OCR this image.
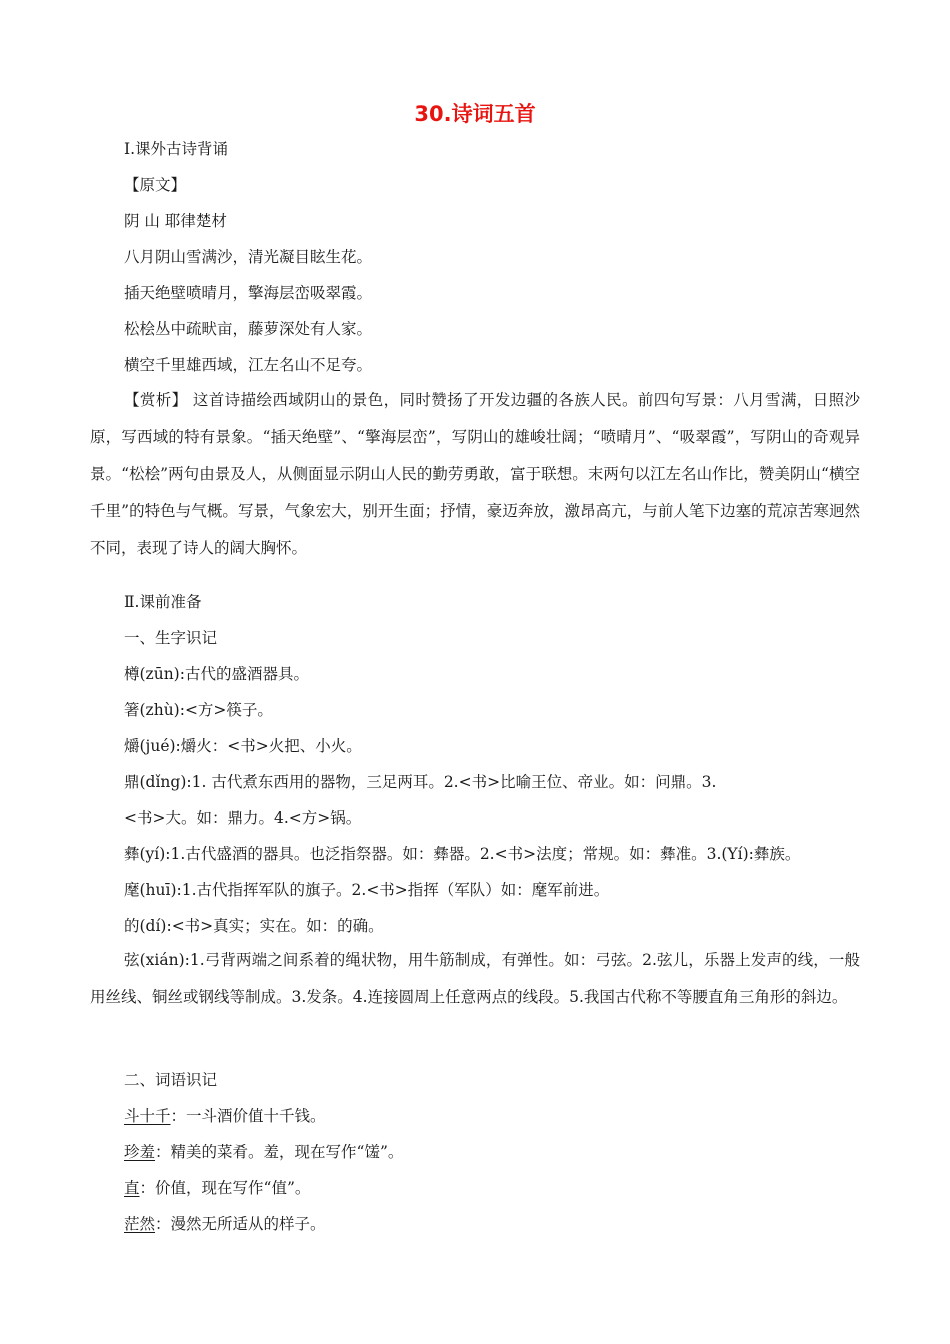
30.诗词五首
Ⅰ.课外古诗背诵
【原文】
阴 山 耶律楚材
八月阴山雪满沙，清光凝目眩生花。
插天绝壁喷晴月，擎海层峦吸翠霞。
松桧丛中疏畎亩，藤萝深处有人家。
横空千里雄西域，江左名山不足夸。
【赏析】 这首诗描绘西域阴山的景色，同时赞扬了开发边疆的各族人民。前四句写景：八月雪满，日照沙原，写西域的特有景象。“插天绝壁”、“擎海层峦”，写阴山的雄峻壮阔；“喷晴月”、“吸翠霞”，写阴山的奇观异景。“松桧”两句由景及人，从侧面显示阴山人民的勤劳勇敢，富于联想。末两句以江左名山作比，赞美阴山“横空千里”的特色与气概。写景，气象宏大，别开生面；抒情，豪迈奔放，激昂高亢，与前人笔下边塞的荒凉苦寒迥然不同，表现了诗人的阔大胸怀。
Ⅱ.课前准备
一、生字识记
樽(zūn):古代的盛酒器具。
箸(zhù):<方>筷子。
爝(jué):爝火：<书>火把、小火。
鼎(dǐng):1. 古代煮东西用的器物，三足两耳。2.<书>比喻王位、帝业。如：问鼎。3.
<书>大。如：鼎力。4.<方>锅。
彝(yí):1.古代盛酒的器具。也泛指祭器。如：彝器。2.<书>法度；常规。如：彝准。3.(Yí):彝族。
麾(huī):1.古代指挥军队的旗子。2.<书>指挥（军队）如：麾军前进。
的(dí):<书>真实；实在。如：的确。
弦(xián):1.弓背两端之间系着的绳状物，用牛筋制成，有弹性。如：弓弦。2.弦儿，乐器上发声的线，一般用丝线、铜丝或钢线等制成。3.发条。4.连接圆周上任意两点的线段。5.我国古代称不等腰直角三角形的斜边。
二、词语识记
斗十千：一斗酒价值十千钱。
珍羞：精美的菜肴。羞，现在写作“馐”。
直：价值，现在写作“值”。
茫然：漫然无所适从的样子。
